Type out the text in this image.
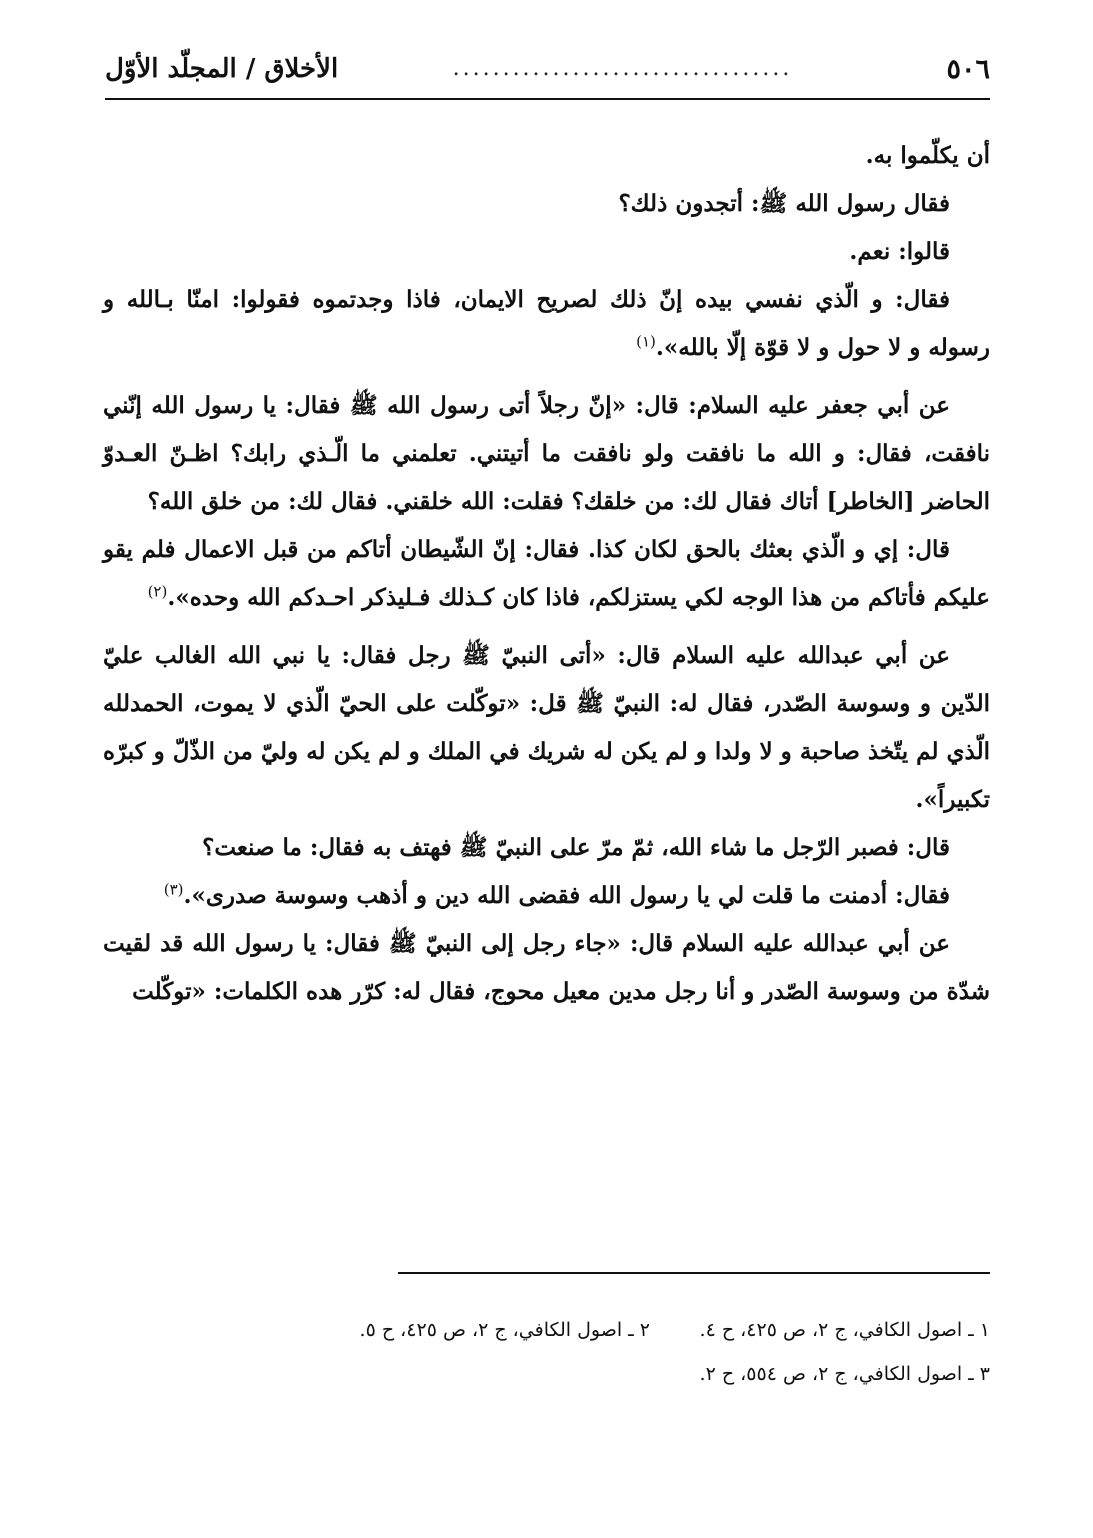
٥٠٦
..................................
الأخلاق / المجلّد الأوّل

أن يكلّموا به.

فقال رسول الله ﷺ: أتجدون ذلك؟

قالوا: نعم.

فقال: و الّذي نفسي بيده إنّ ذلك لصريح الايمان، فاذا وجدتموه فقولوا: امنّا بـالله و رسوله و لا حول و لا قوّة إلّا بالله».$^{(١)}$

عن أبي جعفر عليه السلام: قال: «إنّ رجلاً أتى رسول الله ﷺ فقال: يا رسول الله إنّني نافقت، فقال: و الله ما نافقت ولو نافقت ما أتيتني. تعلمني ما الّـذي رابك؟ اظـنّ العـدوّ الحاضر [الخاطر] أتاك فقال لك: من خلقك؟ فقلت: الله خلقني. فقال لك: من خلق الله؟

قال: إي و الّذي بعثك بالحق لكان كذا. فقال: إنّ الشّيطان أتاكم من قبل الاعمال فلم يقو عليكم فأتاكم من هذا الوجه لكي يستزلكم، فاذا كان كـذلك فـليذكر احـدكم الله وحده».$^{(٢)}$

عن أبي عبدالله عليه السلام قال: «أتى النبيّ ﷺ رجل فقال: يا نبي الله الغالب عليّ الدّين و وسوسة الصّدر، فقال له: النبيّ ﷺ قل: «توكّلت على الحيّ الّذي لا يموت، الحمدلله الّذي لم يتّخذ صاحبة و لا ولدا و لم يكن له شريك في الملك و لم يكن له وليّ من الذّلّ و كبرّه تكبيراً».

قال: فصبر الرّجل ما شاء الله، ثمّ مرّ على النبيّ ﷺ فهتف به فقال: ما صنعت؟

فقال: أدمنت ما قلت لي يا رسول الله فقضى الله دين و أذهب وسوسة صدرى».$^{(٣)}$

عن أبي عبدالله عليه السلام قال: «جاء رجل إلى النبيّ ﷺ فقال: يا رسول الله قد لقيت شدّة من وسوسة الصّدر و أنا رجل مدين معيل محوج، فقال له: كرّر هده الكلمات: «توكّلت

١ ـ اصول الكافي، ج ٢، ص ٤٢٥، ح ٤.
٢ ـ اصول الكافي، ج ٢، ص ٤٢٥، ح ٥.
٣ ـ اصول الكافي، ج ٢، ص ٥٥٤، ح ٢.
